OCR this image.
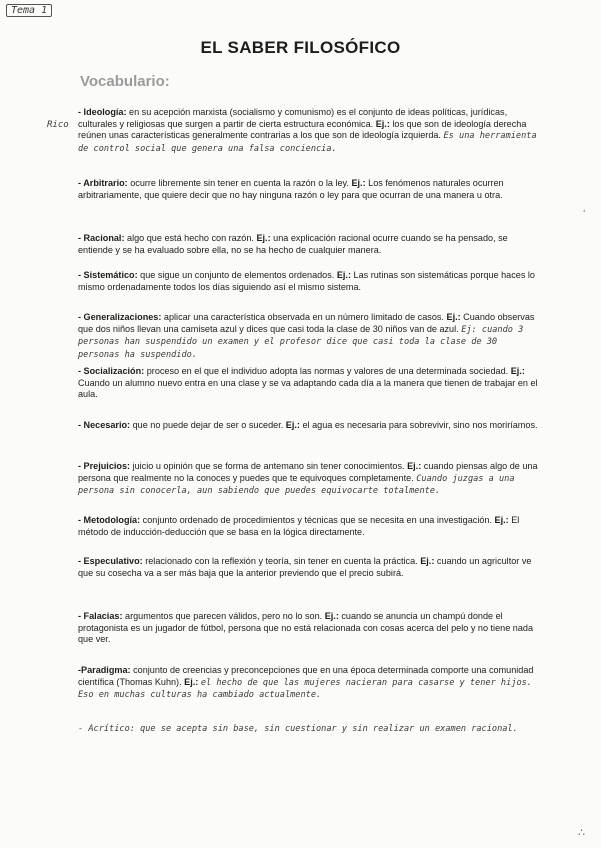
Tema 1
EL SABER FILOSÓFICO
Vocabulario:
Rico

- Ideología: en su acepción marxista (socialismo y comunismo) es el conjunto de ideas políticas, jurídicas, culturales y religiosas que surgen a partir de cierta estructura económica. Ej.: los que son de ideología derecha reúnen unas características generalmente contrarias a los que son de ideología izquierda. Es una herramienta de control social que genera una falsa conciencia.

- Arbitrario: ocurre libremente sin tener en cuenta la razón o la ley. Ej.: Los fenómenos naturales ocurren arbitrariamente, que quiere decir que no hay ninguna razón o ley para que ocurran de una manera u otra.

- Racional: algo que está hecho con razón. Ej.: una explicación racional ocurre cuando se ha pensado, se entiende y se ha evaluado sobre ella, no se ha hecho de cualquier manera.

- Sistemático: que sigue un conjunto de elementos ordenados. Ej.: Las rutinas son sistemáticas porque haces lo mismo ordenadamente todos los días siguiendo así el mismo sistema.

- Generalizaciones: aplicar una característica observada en un número limitado de casos. Ej.: Cuando observas que dos niños llevan una camiseta azul y dices que casi toda la clase de 30 niños van de azul. Ej: cuando 3 personas han suspendido un examen y el profesor dice que casi toda la clase de 30 personas ha suspendido.

- Socialización: proceso en el que el individuo adopta las normas y valores de una determinada sociedad. Ej.: Cuando un alumno nuevo entra en una clase y se va adaptando cada día a la manera que tienen de trabajar en el aula.

- Necesario: que no puede dejar de ser o suceder. Ej.: el agua es necesaria para sobrevivir, sino nos moriríamos.

- Prejuicios: juicio u opinión que se forma de antemano sin tener conocimientos. Ej.: cuando piensas algo de una persona que realmente no la conoces y puedes que te equivoques completamente. Cuando juzgas a una persona sin conocerla, aun sabiendo que puedes equivocarte totalmente.

- Metodología: conjunto ordenado de procedimientos y técnicas que se necesita en una investigación. Ej.: El método de inducción-deducción que se basa en la lógica directamente.

- Especulativo: relacionado con la reflexión y teoría, sin tener en cuenta la práctica. Ej.: cuando un agricultor ve que su cosecha va a ser más baja que la anterior previendo que el precio subirá.

- Falacias: argumentos que parecen válidos, pero no lo son. Ej.: cuando se anuncia un champú donde el protagonista es un jugador de fútbol, persona que no está relacionada con cosas acerca del pelo y no tiene nada que ver.

-Paradigma: conjunto de creencias y preconcepciones que en una época determinada comporte una comunidad científica (Thomas Kuhn). Ej.: el hecho de que las mujeres nacieran para casarse y tener hijos. Eso en muchas culturas ha cambiado actualmente.

- Acrítico: que se acepta sin base, sin cuestionar y sin realizar un examen racional.

‘
∴
